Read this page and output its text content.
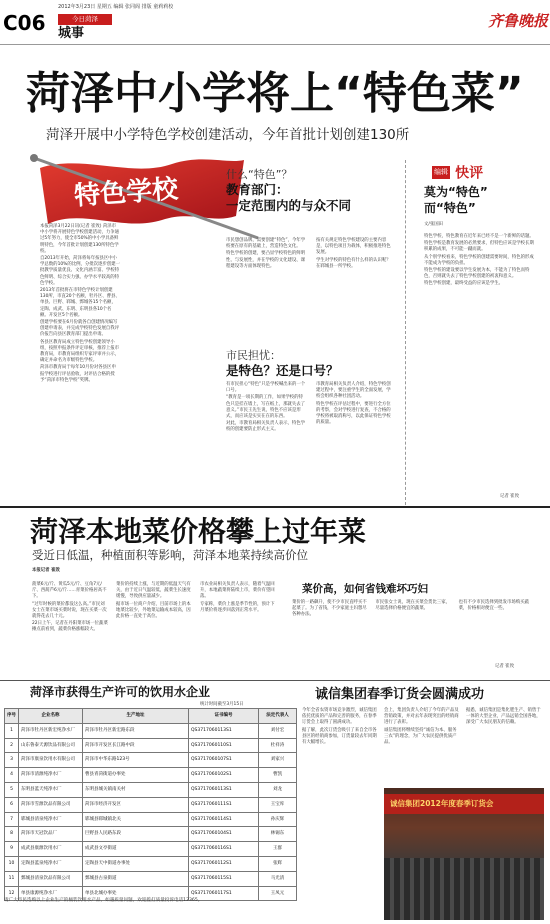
C06
2012年3月23日 星期五 编辑 张同阁 排版 童莉莉校
今日菏泽
城事
齐鲁晚报
菏泽中小学将上“特色菜”
菏泽开展中小学特色学校创建活动，今年首批计划创建130所
特色学校

本报菏泽3月22日讯(记者 崔致) 菏泽市中小学将开展特色学校创建活动，力争通过5年努力，使全市50%的中小学具备鲜明特色，今年首批计划创建130所特色学校。

自2013年开始，菏泽将每年按县区中小学总数的10%的比例，分批次逐步创建一批教学质量优良、文化内涵丰富、学校特色鲜明、综合实力强、办学水平较高的特色学校。

2013年首批将在市特色学校计划创建130所，市直20个名额，牡丹区、曹县、单县、巨野、郓城、鄄城各15个名额，定陶、成武、东明、东明县各10个名额。开发区5个名额。

创建学校要在6月份就各自创建情况编写创建申请表，并完成学校特色发展自我评价报告向县区教育部门提出申请。

各县区教育局成立特色学校创建领导小组，按照申报条件评定审核，推荐上报市教育局，市教育局组织专家评审并公示，确定并命名为市级特色学校。

菏泽市教育局于每年10月份对各县区申报学校进行评估验收，对评估合格的授予“菏泽市特色学校”奖牌。

什么“特色”？
教育部门：
一定范围内的与众不同

市民想创品牌，需要创建“特色”，今年学校要在原有的基础上，营造特色文化。

特色学校的创建，要凸显学校特色的鲜明性、与发展性，并在学校的文化建设、课程建设等方面体现特色。

按有关规定特色学校建设的主要内容是，以特色项目为载体，积极推进特色发展。

学生对学校的特色有什么样的认识呢？在郓城县一所学校。

市民担忧：
是特色？还是口号？

有市民担心“特色”只是学校喊出来的一个口号。

“教育是一项长期的工作，如果学校的特色只是挂在墙上，写在纸上，那就失去了意义。”市民王先生说，特色不应该是形式，而应该是实实在在的东西。

对此，市教育局相关负责人表示，特色学校的创建要防止形式主义。

市教育局相关负责人介绍，特色学校创建过程中，要注重学生的全面发展，学校会组织各种社团活动。

特色学校在评估过程中，要进行全方位的考察，会对学校进行复查，不合格的学校将被取消称号，以此保证特色学校的质量。

编辑 快评
莫为“特色”
而“特色”
文/张国田

特色学校，特色教育在近年来已经不是一个新鲜的话题。

特色学校是教育发展的必然要求，但特色应该是学校长期积累的成果，不可能一蹴而就。

从个别学校看来，特色学校的创建需要时间，特色的形成不能成为学校的负担。

特色学校的建设要以学生发展为本，不能为了特色而特色，否则就失去了特色学校创建的初衷和意义。

特色学校创建，最终受益的应该是学生。

记者 崔致
菏泽本地菜价格攀上过年菜
受近日低温，种植面积等影响，菏泽本地菜持续高价位
本报记者 崔致

菠菜6元/斤、黄瓜5元/斤、豆角7元/斤、西葫芦6元/斤……青菜价格居高不下。

“过年时候的菜价都没这么高。”市民刘女士在菜市场买菜时说，现在买菜一次就得花去几十元。

22日上午，记者在丹阳菜市场一位蔬菜摊点前看到，蔬菜价格涨幅较大。

菜价的持续上涨，与近期的低温天气有关，由于近日气温较低，蔬菜生长速度缓慢，导致供应量减少。

据市场一位商户介绍，目前市场上的本地菜比较少，外地菜运输成本较高，因此价格一直处于高位。

市农业局相关负责人表示，随着气温回升，本地蔬菜将陆续上市，菜价有望回落。

专家称，菜价上涨是季节性的，预计下月菜价将逐步回落到正常水平。

菜价高，如何省钱难坏巧妇

菜价的一路飙升，使不少市民直呼买不起菜了。为了省钱，不少家庭主妇想尽各种办法。

市民张女士说，现在买菜会货比三家，尽量选择价格便宜的蔬菜。

也有不少市民选择到批发市场购买蔬菜，价格相对便宜一些。

记者 崔致
菏泽市获得生产许可的饮用水企业
统计时间截至3月15日
序号	企业名称	生产地址	证书编号	法定代表人
1	菏泽市牡丹区新宏纯净水厂	菏泽市牡丹区新宏路东段	QS3717060113S1	刘付宏
2	山东鲁泰天源饮品有限公司	菏泽市开发区长江路中段	QS3717060110S1	杜祥涛
3	菏泽市康泉饮用水有限公司	菏泽市中华东路123号	QS3717060107S1	刘家兴
4	菏泽市清源纯净水厂	曹县青菏街道办事处	QS3717060102S1	曹凯
5	东明县蓝天纯净水厂	东明县城关镇南关村	QS3717060113S1	刘龙
6	菏泽市雪源饮品有限公司	菏泽市经济开发区	QS3717060111S1	王宝库
7	郓城县清泉纯净水厂	郓城县郓城镇北关	QS3717060114S1	孙庆辉
8	菏泽市天冠饮品厂	巨野县人民路东段	QS3717060104S1	林锡东
9	成武县康源饮用水厂	成武县文亭街道	QS3717060116S1	王群
10	定陶县蓝泉纯净水厂	定陶县天中街道办事处	QS3717060112S1	张辉
11	鄄城县清泉饮品有限公司	鄄城县古泉街道	QS3717060115S1	马光清
12	单县康源纯净水厂	单县北城办事处	QS3717060117S1	王凤元
请广大市民选购以上企业生产的桶装饮用水产品，如遇质量问题，欢迎拨打质量投诉电话12365。
诚信集团春季订货会圆满成功

今年全省农资市场竞争激烈，诚信集团依托优质的产品和完善的服务，在春季订货会上取得了圆满成功。

据了解，此次订货会吸引了来自全市各县区的经销商参加，订货量较去年同期有大幅增长。

会上，集团负责人介绍了今年的产品及营销政策，并对去年表现突出的经销商进行了表彰。

诚信集团将继续坚持“诚信为本、服务三农”的理念，为广大农民提供优质产品。

据悉，诚信集团是集化肥生产、销售于一体的大型企业，产品远销全国各地，深受广大农民朋友的信赖。

诚信集团2012年度春季订货会
